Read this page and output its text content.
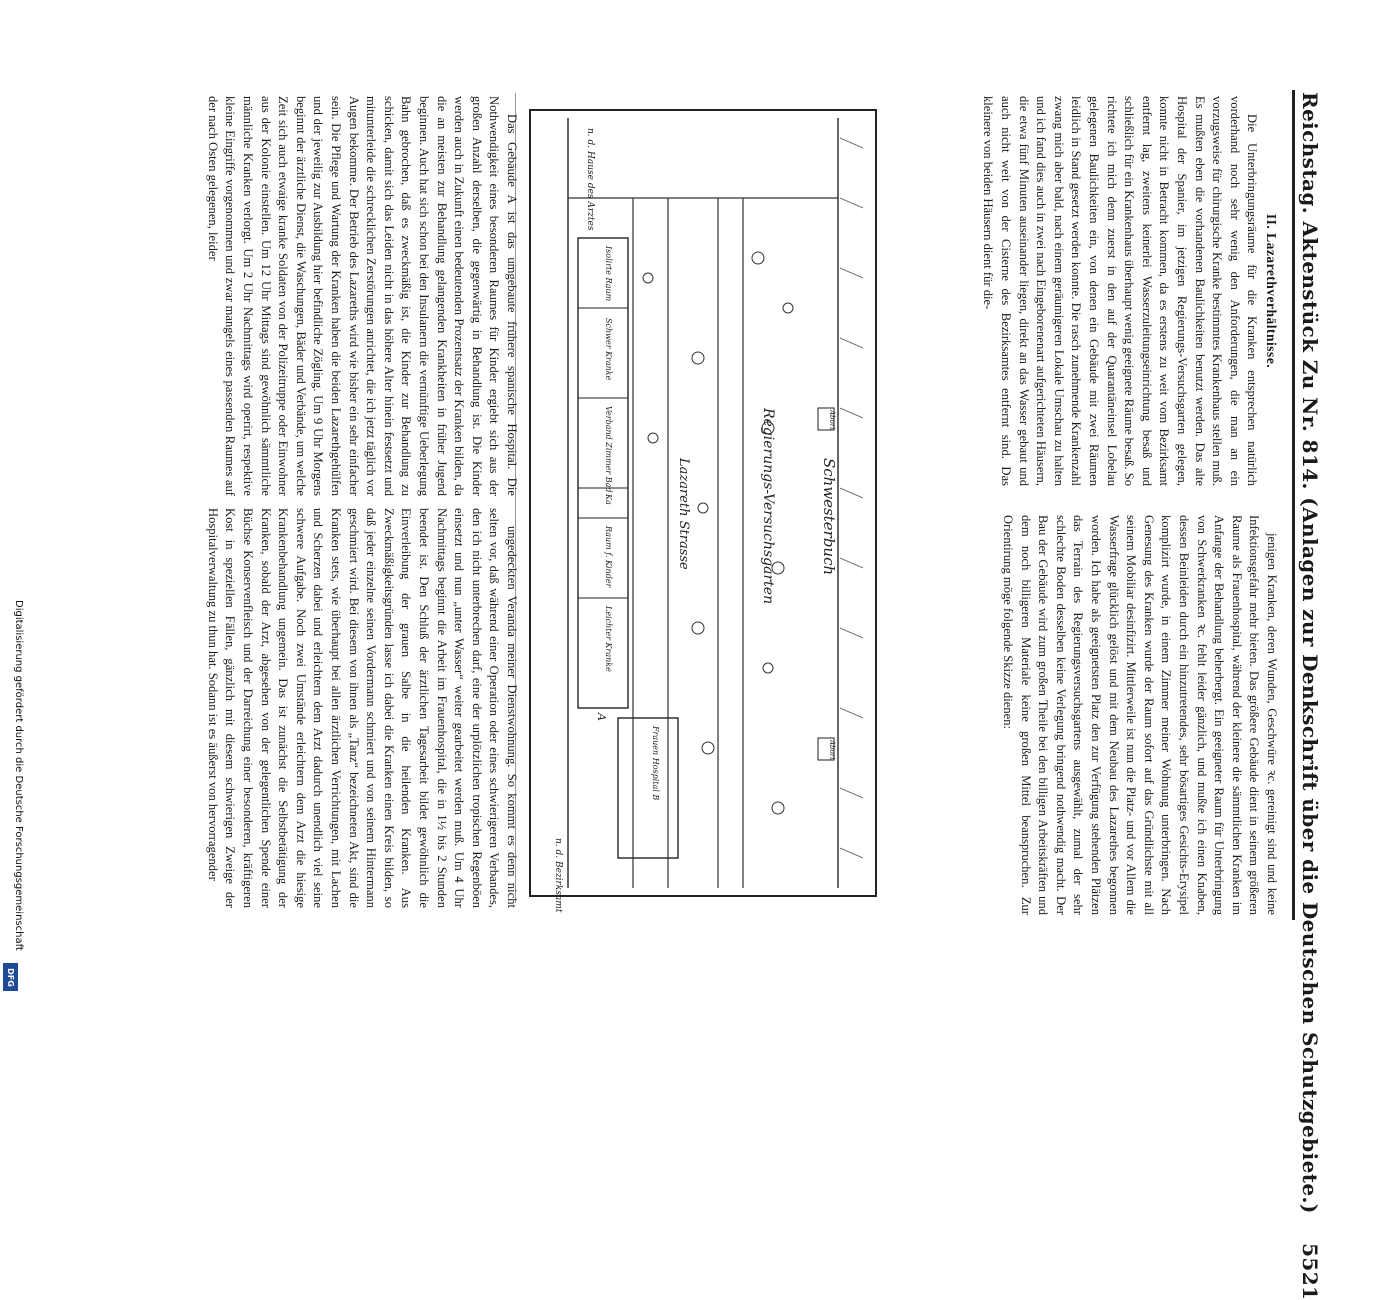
Reichstag. Aktenstück Zu Nr. 814. (Anlagen zur Denkschrift über die Deutschen Schutzgebiete.) 5521
II. Lazarethverhältnisse.

Die Unterbringungsräume für die Kranken entsprechen natürlich vorderhand noch sehr wenig den Anforderungen, die man an ein vorzugsweise für chirurgische Kranke bestimmtes Krankenhaus stellen muß. Es mußten eben die vorhandenen Baulichkeiten benutzt werden. Das alte Hospital der Spanier, im jetzigen Regierungs-Versuchsgarten gelegen, konnte nicht in Betracht kommen, da es erstens zu weit vom Bezirksamt entfernt lag, zweitens keinerlei Wasserzuleitungseinrichtung besaß und schließlich für ein Krankenhaus überhaupt wenig geeignete Räume besaß. So richtete ich mich denn zuerst in den auf der Quarantäneinsel Lobelau gelegenen Baulichkeiten ein, von denen ein Gebäude mit zwei Räumen leidlich in Stand gesetzt werden konnte. Die rasch zunehmende Krankenzahl zwang mich aber bald, nach einem geräumigeren Lokale Umschau zu halten und ich fand dies auch in zwei nach Eingeborenenart aufgerichteten Häusern, die etwa fünf Minuten auseinander liegen, direkt an das Wasser gebaut und auch nicht weit von der Cisterne des Bezirksamtes entfernt sind. Das kleinere von beiden Häusern dient für die-

jenigen Kranken, deren Wunden, Geschwüre ꝛc. gereinigt sind und keine Infektionsgefahr mehr bieten. Das größere Gebäude dient in seinem größeren Raume als Frauenhospital, während der kleinere die sämmtlichen Kranken im Anfange der Behandlung beherbergt. Ein geeigneter Raum für Unterbringung von Schwerkranken ꝛc. fehlt leider gänzlich, und mußte ich einen Knaben, dessen Beinleiden durch ein hinzutretendes, sehr bösartiges Gesichts-Erysipel komplizirt wurde, in einem Zimmer meiner Wohnung unterbringen. Nach Genesung des Kranken wurde der Raum sofort auf das Gründlichste mit all seinem Mobiliar desinfizirt. Mittlerweile ist nun die Platz- und vor Allem die Wasserfrage glücklich gelöst und mit dem Neubau des Lazarethes begonnen worden. Ich habe als geeignetsten Platz den zur Verfügung stehenden Plätzen das Terrain des Regierungsversuchsgartens ausgewählt, zumal der sehr schlechte Boden desselben keine Verlegung bringend nothwendig macht. Der Bau der Gebäude wird zum großen Theile bei den billigen Arbeitskräften und dem noch billigeren Materiale keine großen Mittel beanspruchen. Zur Orientirung möge folgende Skizze dienen:

Schwesterbuch
Regierungs-Versuchsgarten
Lazareth Strasse
n. d. Hause des Arztes
n. d. Bezirksamt
Isolirte Raum
Schwer Kranke
Verband Zimmer Bad
Ka
Raum f. Kinder
Leichter Kranke
Frauen Hospital B
Abort
Abort
A

Das Gebäude A ist das umgebaute frühere spanische Hospital. Die Nothwendigkeit eines besonderen Raumes für Kinder ergiebt sich aus der großen Anzahl derselben, die gegenwärtig in Behandlung ist. Die Kinder werden auch in Zukunft einen bedeutenden Prozentsatz der Kranken bilden, da die an meisten zur Behandlung gelangenden Krankheiten in früher Jugend beginnen. Auch hat sich schon bei den Insulanern die vernünftige Ueberlegung Bahn gebrochen, daß es zweckmäßig ist, die Kinder zur Behandlung zu schicken, damit sich das Leiden nicht in das höhere Alter hinein festsetzt und mitunterleide die schrecklichen Zerstörungen anrichtet, die ich jetzt täglich vor Augen bekomme. Der Betrieb des Lazareths wird wie bisher ein sehr einfacher sein. Die Pflege und Wartung der Kranken haben die beiden Lazarethgehülfen und der jeweilig zur Ausbildung hier befindliche Zögling. Um 9 Uhr Morgens beginnt der ärztliche Dienst, die Waschungen, Bäder und Verbände, um welche Zeit sich auch etwaige kranke Soldaten von der Polizeitruppe oder Einwohner aus der Kolonie einstellen. Um 12 Uhr Mittags sind gewöhnlich sämmtliche männliche Kranken verlorgt. Um 2 Uhr Nachmittags wird operirt, respektive kleine Eingriffe vorgenommen und zwar mangels eines passenden Raumes auf der nach Osten gelegenen, leider

ungedeckten Veranda meiner Dienstwohnung. So kommt es denn nicht selten vor, daß während einer Operation oder eines schwierigeren Verbandes, den ich nicht unterbrechen darf, eine der urplötzlichen tropischen Regenböen einsetzt und nun „unter Wasser“ weiter gearbeitet werden muß. Um 4 Uhr Nachmittags beginnt die Arbeit im Frauenhospital, die in 1½ bis 2 Stunden beendet ist. Den Schluß der ärztlichen Tagesarbeit bildet gewöhnlich die Einverleibung der grauen Salbe in die heilenden Kranken. Aus Zweckmäßigkeitsgründen lasse ich dabei die Kranken einen Kreis bilden, so daß jeder einzelne seinen Vordermann schmiert und von seinem Hintermann geschmiert wird. Bei diesem von ihnen als „Tanz“ bezeichneten Akt, sind die Kranken stets, wie überhaupt bei allen ärztlichen Verrichtungen, mit Lachen und Scherzen dabei und erleichtern dem Arzt dadurch unendlich viel seine schwere Aufgabe. Noch zwei Umstände erleichtern dem Arzt die hiesige Krankenbehandlung ungemein. Das ist zunächst die Selbstbetätigung der Kranken, sobald der Arzt, abgesehen von der gelegentlichen Spende einer Büchse Konservenfleisch und der Darreichung einer besonderen, kräftigeren Kost in speziellen Fällen, gänzlich mit diesem schwierigen Zweige der Hospitalverwaltung zu thun hat. Sodann ist es äußerst von hervorragender

Digitalisierung gefördert durch die Deutsche Forschungsgemeinschaft
DFG
